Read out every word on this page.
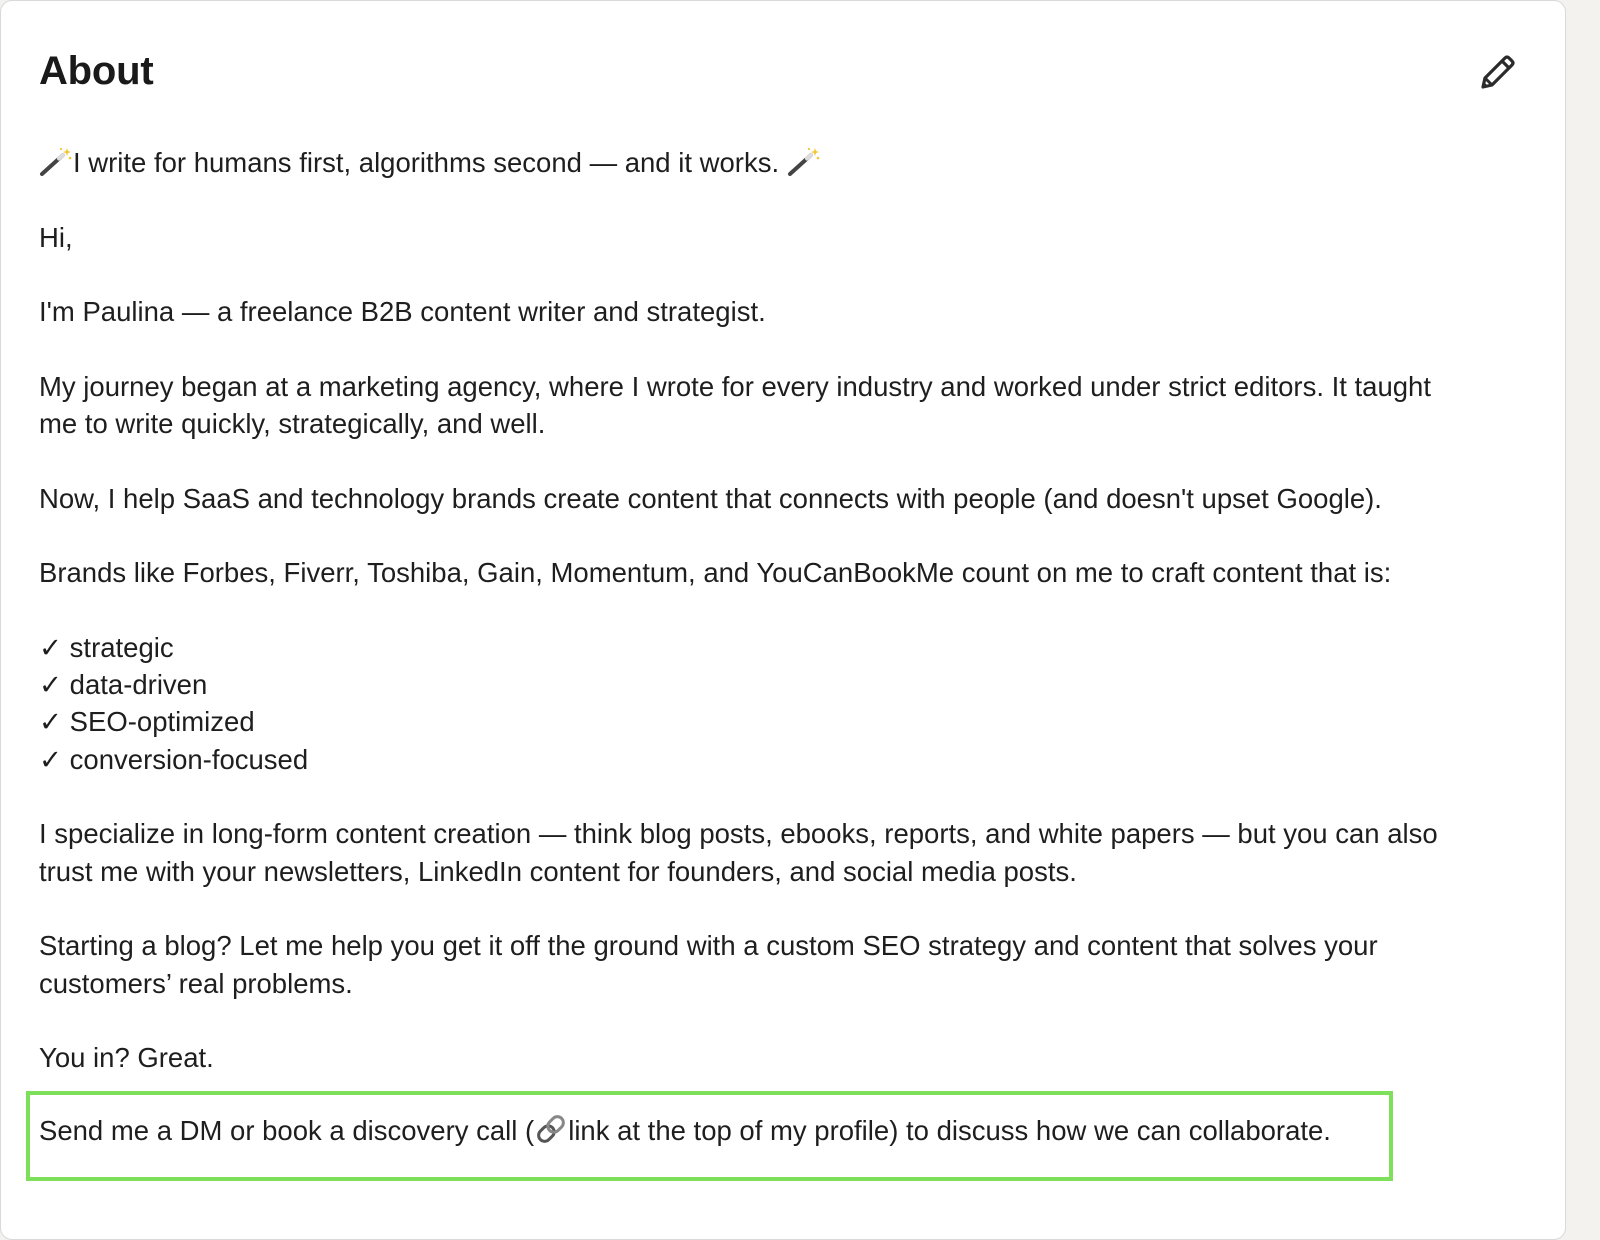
About
I write for humans first, algorithms second — and it works.
Hi,
I'm Paulina — a freelance B2B content writer and strategist.
My journey began at a marketing agency, where I wrote for every industry and worked under strict editors. It taught
me to write quickly, strategically, and well.
Now, I help SaaS and technology brands create content that connects with people (and doesn't upset Google).
Brands like Forbes, Fiverr, Toshiba, Gain, Momentum, and YouCanBookMe count on me to craft content that is:
✓ strategic
✓ data-driven
✓ SEO-optimized
✓ conversion-focused
I specialize in long-form content creation — think blog posts, ebooks, reports, and white papers — but you can also
trust me with your newsletters, LinkedIn content for founders, and social media posts.
Starting a blog? Let me help you get it off the ground with a custom SEO strategy and content that solves your
customers’ real problems.
You in? Great.
Send me a DM or book a discovery call ( link at the top of my profile) to discuss how we can collaborate.
